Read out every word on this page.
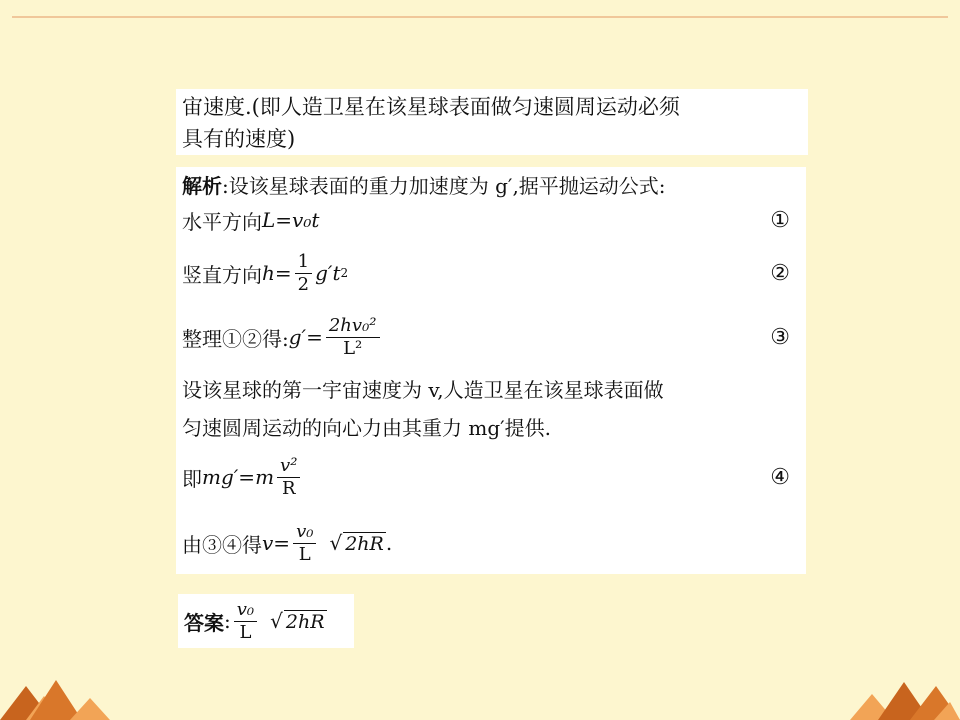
宙速度.(即人造卫星在该星球表面做匀速圆周运动必须
具有的速度)
解析 :设该星球表面的重力加速度为 g′,据平抛运动公式:
水平方向 L=v₀t	①
竖直方向 $h= \frac{1}{2} g't$ 2	②
整理①②得: $g'= \frac{\text{2hv₀²}}{\text{L²}}$	③
设该星球的第一宇宙速度为 v,人造卫星在该星球表面做
匀速圆周运动的向心力由其重力 mg′提供.
即 $mg'=m \frac{\text{v²}}{R}$	④
由③④得 $v= \frac{\text{v₀}}{L}$ √ 2hR .
答案 : $\frac{\text{v₀}}{L}$ √ 2hR
